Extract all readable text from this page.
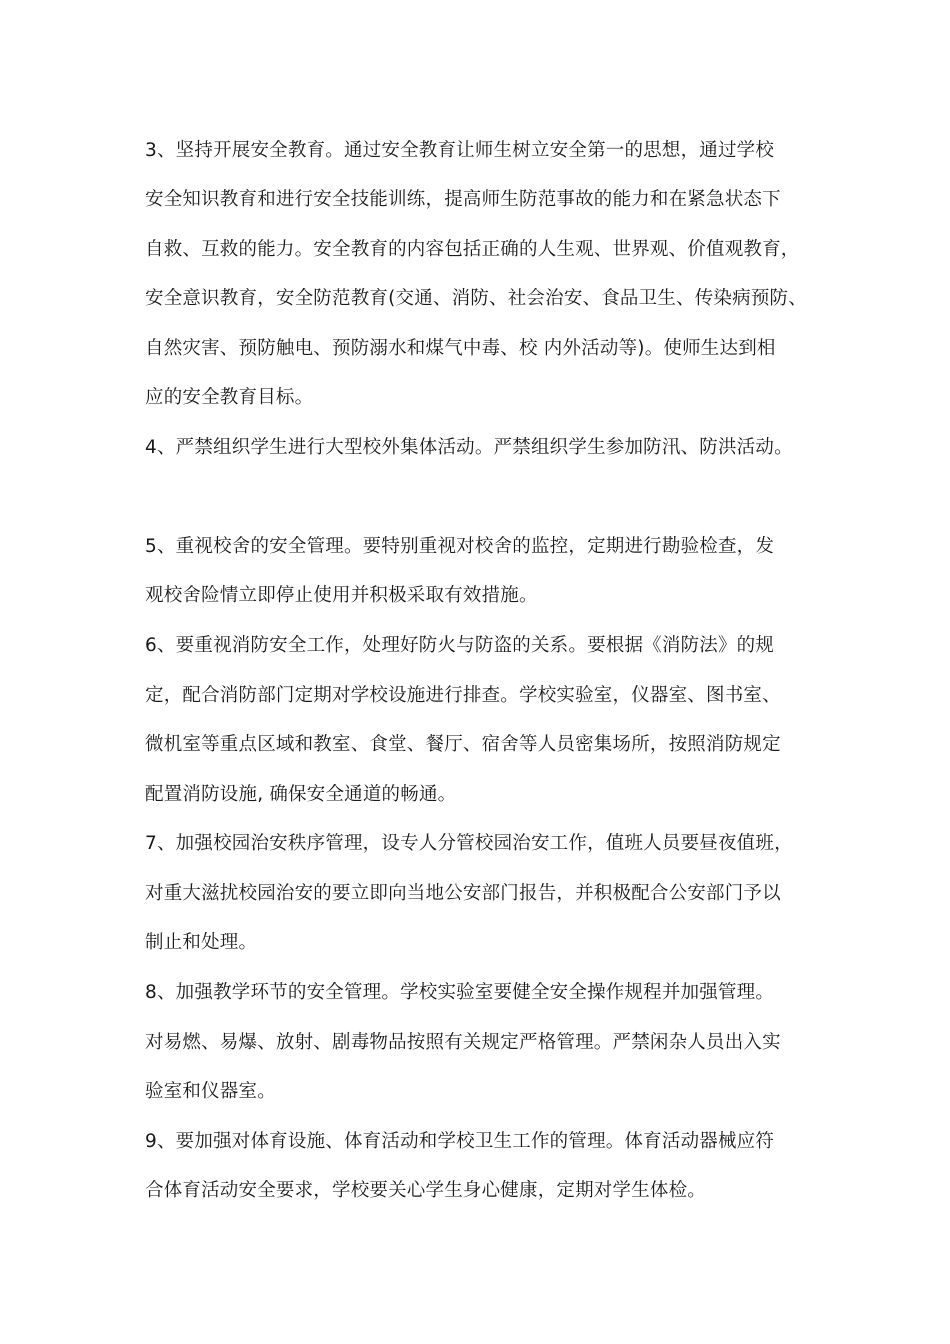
3、坚持开展安全教育。通过安全教育让师生树立安全第一的思想，通过学校
安全知识教育和进行安全技能训练，提高师生防范事故的能力和在紧急状态下
自救、互救的能力。安全教育的内容包括正确的人生观、世界观、价值观教育，
安全意识教育，安全防范教育(交通、消防、社会治安、食品卫生、传染病预防、
自然灾害、预防触电、预防溺水和煤气中毒、校 内外活动等)。使师生达到相
应的安全教育目标。
4、严禁组织学生进行大型校外集体活动。严禁组织学生参加防汛、防洪活动。
5、重视校舍的安全管理。要特别重视对校舍的监控，定期进行勘验检查，发
观校舍险情立即停止使用并积极采取有效措施。
6、要重视消防安全工作，处理好防火与防盗的关系。要根据《消防法》的规
定，配合消防部门定期对学校设施进行排查。学校实验室，仪器室、图书室、
微机室等重点区域和教室、食堂、餐厅、宿舍等人员密集场所，按照消防规定
配置消防设施, 确保安全通道的畅通。
7、加强校园治安秩序管理，设专人分管校园治安工作，值班人员要昼夜值班，
对重大滋扰校园治安的要立即向当地公安部门报告，并积极配合公安部门予以
制止和处理。
8、加强教学环节的安全管理。学校实验室要健全安全操作规程并加强管理。
对易燃、易爆、放射、剧毒物品按照有关规定严格管理。严禁闲杂人员出入实
验室和仪器室。
9、要加强对体育设施、体育活动和学校卫生工作的管理。体育活动器械应符
合体育活动安全要求，学校要关心学生身心健康，定期对学生体检。
